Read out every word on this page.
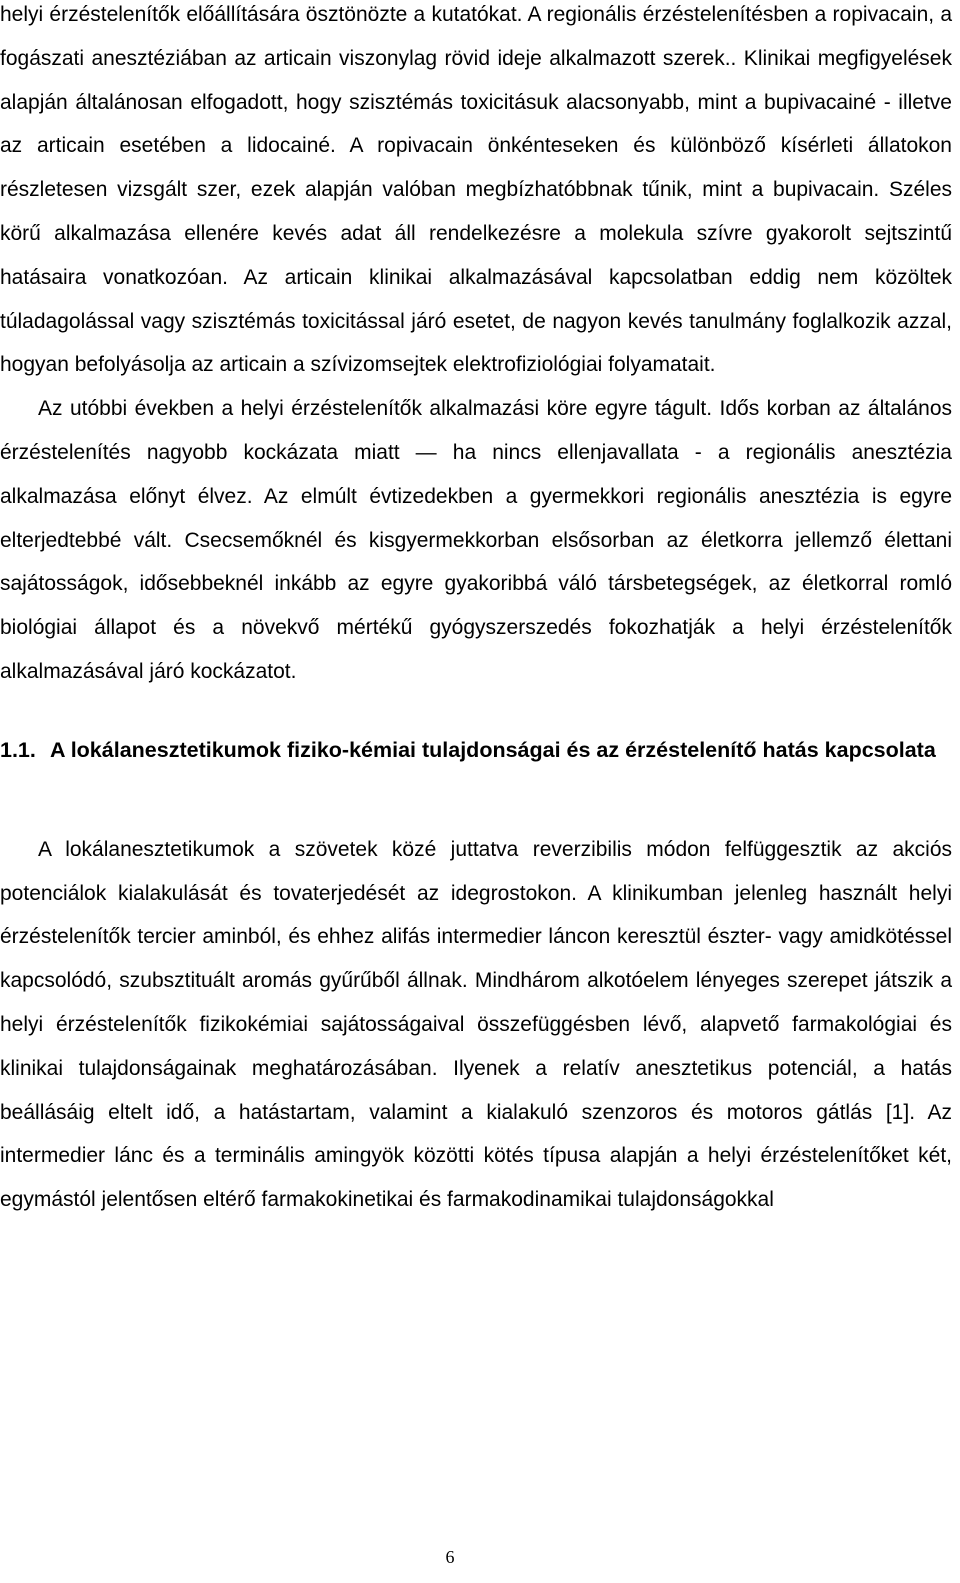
helyi érzéstelenítők előállítására ösztönözte a kutatókat. A regionális érzéstelenítésben a ropivacain, a fogászati anesztéziában az articain viszonylag rövid ideje alkalmazott szerek.. Klinikai megfigyelések alapján általánosan elfogadott, hogy szisztémás toxicitásuk alacsonyabb, mint a bupivacainé - illetve az articain esetében a lidocainé. A ropivacain önkénteseken és különböző kísérleti állatokon részletesen vizsgált szer, ezek alapján valóban megbízhatóbbnak tűnik, mint a bupivacain. Széles körű alkalmazása ellenére kevés adat áll rendelkezésre a molekula szívre gyakorolt sejtszintű hatásaira vonatkozóan. Az articain klinikai alkalmazásával kapcsolatban eddig nem közöltek túladagolással vagy szisztémás toxicitással járó esetet, de nagyon kevés tanulmány foglalkozik azzal, hogyan befolyásolja az articain a szívizomsejtek elektrofiziológiai folyamatait.

Az utóbbi években a helyi érzéstelenítők alkalmazási köre egyre tágult. Idős korban az általános érzéstelenítés nagyobb kockázata miatt — ha nincs ellenjavallata - a regionális anesztézia alkalmazása előnyt élvez. Az elmúlt évtizedekben a gyermekkori regionális anesztézia is egyre elterjedtebbé vált. Csecsemőknél és kisgyermekkorban elsősorban az életkorra jellemző élettani sajátosságok, idősebbeknél inkább az egyre gyakoribbá váló társbetegségek, az életkorral romló biológiai állapot és a növekvő mértékű gyógyszerszedés fokozhatják a helyi érzéstelenítők alkalmazásával járó kockázatot.

1.1. A lokálanesztetikumok fiziko-kémiai tulajdonságai és az érzéstelenítő hatás kapcsolata

A lokálanesztetikumok a szövetek közé juttatva reverzibilis módon felfüggesztik az akciós potenciálok kialakulását és tovaterjedését az idegrostokon. A klinikumban jelenleg használt helyi érzéstelenítők tercier aminból, és ehhez alifás intermedier láncon keresztül észter- vagy amidkötéssel kapcsolódó, szubsztituált aromás gyűrűből állnak. Mindhárom alkotóelem lényeges szerepet játszik a helyi érzéstelenítők fizikokémiai sajátosságaival összefüggésben lévő, alapvető farmakológiai és klinikai tulajdonságainak meghatározásában. Ilyenek a relatív anesztetikus potenciál, a hatás beállásáig eltelt idő, a hatástartam, valamint a kialakuló szenzoros és motoros gátlás [1]. Az intermedier lánc és a terminális amingyök közötti kötés típusa alapján a helyi érzéstelenítőket két, egymástól jelentősen eltérő farmakokinetikai és farmakodinamikai tulajdonságokkal

6
